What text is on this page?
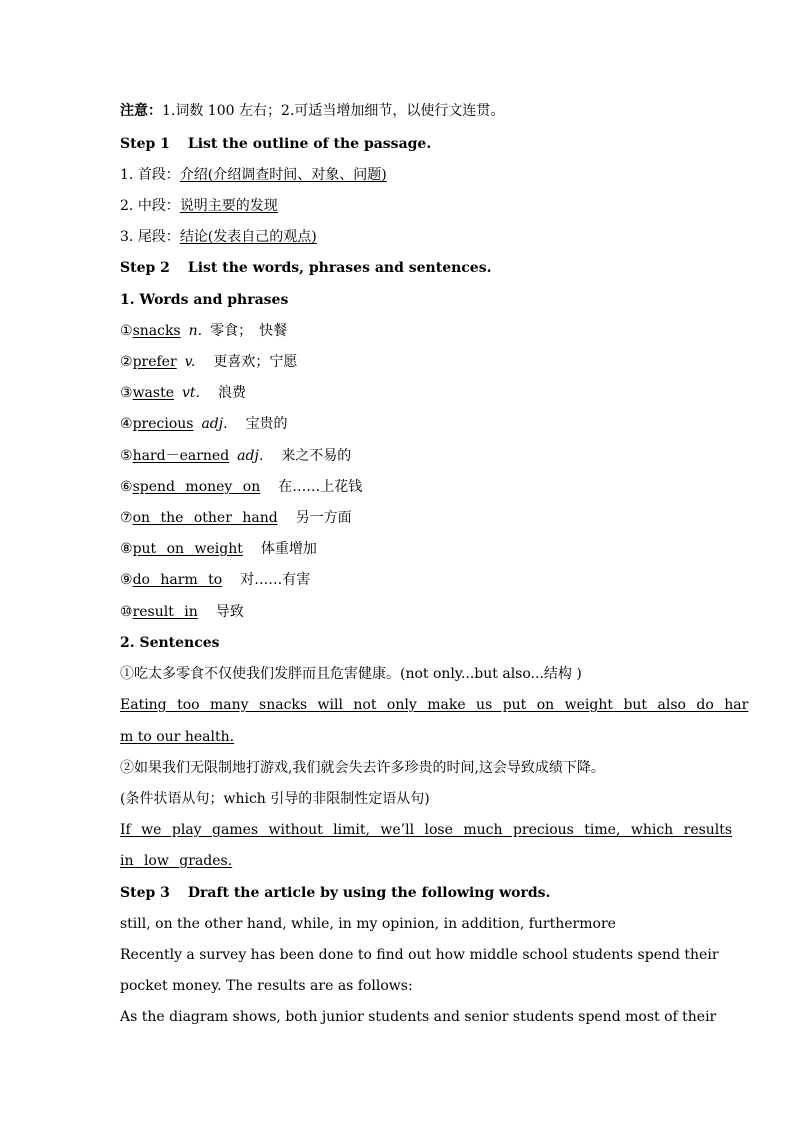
注意：1.词数 100 左右；2.可适当增加细节，以使行文连贯。
Step 1 List the outline of the passage.
1. 首段：介绍(介绍调查时间、对象、问题)
2. 中段：说明主要的发现
3. 尾段：结论(发表自己的观点)
Step 2 List the words, phrases and sentences.
1. Words and phrases
①snacks n. 零食；　快餐
②prefer v. 更喜欢；宁愿
③waste vt. 浪费
④precious adj. 宝贵的
⑤hard－earned adj. 来之不易的
⑥spend money on 在……上花钱
⑦on the other hand 另一方面
⑧put on weight 体重增加
⑨do harm to 对……有害
⑩result in 导致
2. Sentences
①吃太多零食不仅使我们发胖而且危害健康。(not only...but also...结构 )
Eating too many snacks will not only make us put on weight but also do har
m to our health.
②如果我们无限制地打游戏,我们就会失去许多珍贵的时间,这会导致成绩下降。
(条件状语从句；which 引导的非限制性定语从句)
If we play games without limit, we’ll lose much precious time, which results
in low grades.
Step 3 Draft the article by using the following words.
still, on the other hand, while, in my opinion, in addition, furthermore
Recently a survey has been done to find out how middle school students spend their
pocket money. The results are as follows:
As the diagram shows, both junior students and senior students spend most of their
